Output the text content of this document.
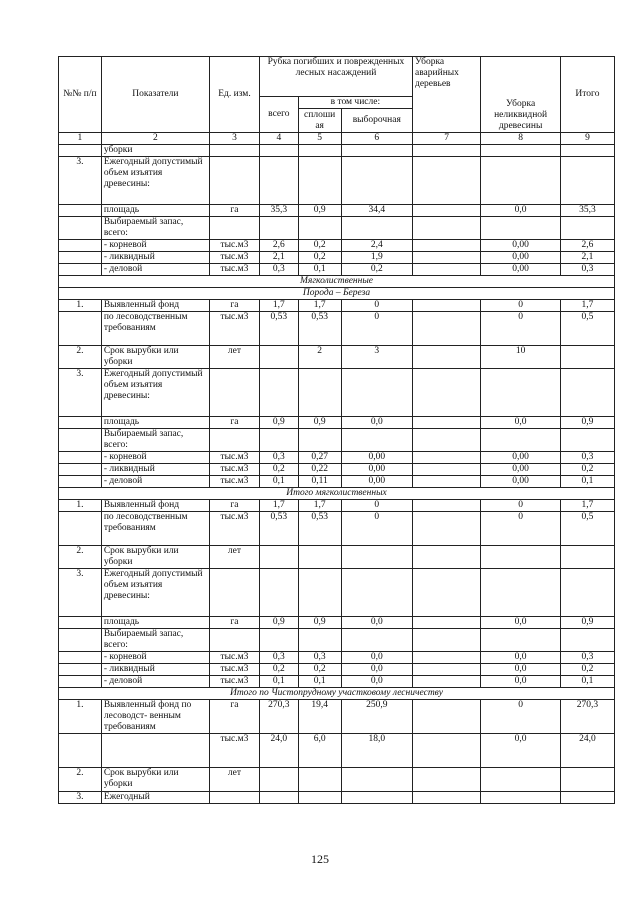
№№ п/п	Показатели	Ед. изм.	Рубка погибших и поврежденных лесных насаждений			Уборка аварийных деревьев	Уборка неликвидной древесины	Итого
			всего	в том числе:				
				сплоши ая	выборочная			
1	2	3	4	5	6	7	8	9
	уборки							
3.	Ежегодный допустимый объем изъятия древесины:							
	площадь	га	35,3	0,9	34,4		0,0	35,3
	Выбираемый запас, всего:							
	- корневой	тыс.м3	2,6	0,2	2,4		0,00	2,6
	- ликвидный	тыс.м3	2,1	0,2	1,9		0,00	2,1
	- деловой	тыс.м3	0,3	0,1	0,2		0,00	0,3
Мягколиственные								
Порода – Береза								
1.	Выявленный фонд	га	1,7	1,7	0		0	1,7
	по лесоводственным требованиям	тыс.м3	0,53	0,53	0		0	0,5
2.	Срок вырубки или уборки	лет		2	3		10	
3.	Ежегодный допустимый объем изъятия древесины:							
	площадь	га	0,9	0,9	0,0		0,0	0,9
	Выбираемый запас, всего:							
	- корневой	тыс.м3	0,3	0,27	0,00		0,00	0,3
	- ликвидный	тыс.м3	0,2	0,22	0,00		0,00	0,2
	- деловой	тыс.м3	0,1	0,11	0,00		0,00	0,1
Итого мягколиственных								
1.	Выявленный фонд	га	1,7	1,7	0		0	1,7
	по лесоводственным требованиям	тыс.м3	0,53	0,53	0		0	0,5
2.	Срок вырубки или уборки	лет						
3.	Ежегодный допустимый объем изъятия древесины:							
	площадь	га	0,9	0,9	0,0		0,0	0,9
	Выбираемый запас, всего:							
	- корневой	тыс.м3	0,3	0,3	0,0		0,0	0,3
	- ликвидный	тыс.м3	0,2	0,2	0,0		0,0	0,2
	- деловой	тыс.м3	0,1	0,1	0,0		0,0	0,1
Итого по Чистопрудному участковому лесничеству								
1.	Выявленный фонд по лесоводст- венным требованиям	га	270,3	19,4	250,9		0	270,3
		тыс.м3	24,0	6,0	18,0		0,0	24,0
2.	Срок вырубки или уборки	лет						
3.	Ежегодный							
125
